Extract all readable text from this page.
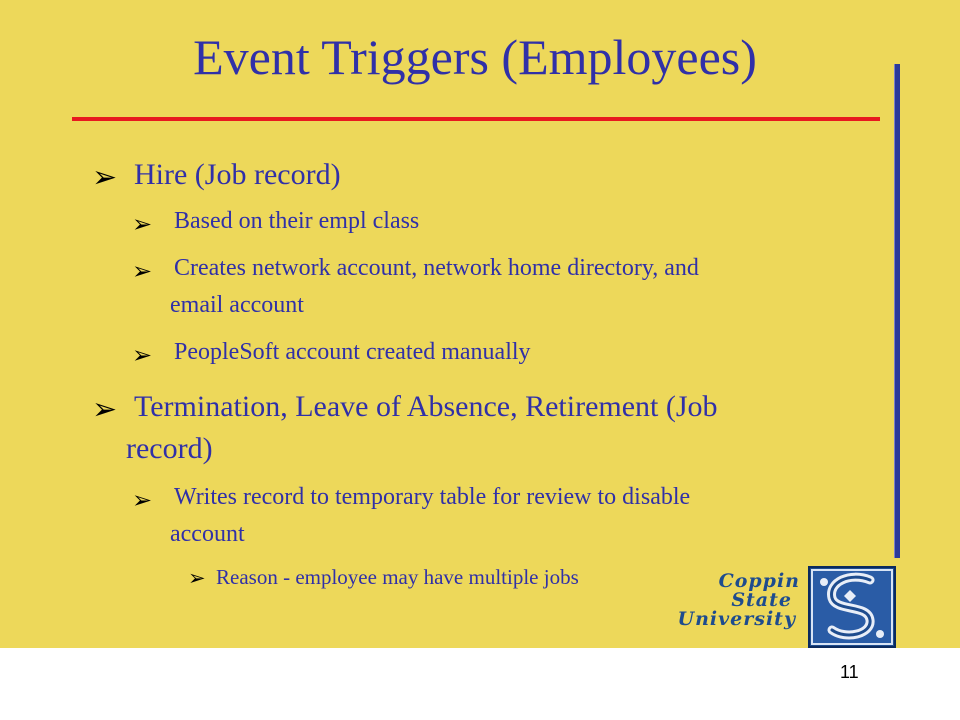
Event Triggers (Employees)
➢ Hire (Job record)
➢ Based on their empl class
➢ Creates network account, network home directory, and
email account
➢ PeopleSoft account created manually
➢ Termination, Leave of Absence, Retirement (Job
record)
➢ Writes record to temporary table for review to disable
account
➢ Reason - employee may have multiple jobs	Coppin
State
University
11
